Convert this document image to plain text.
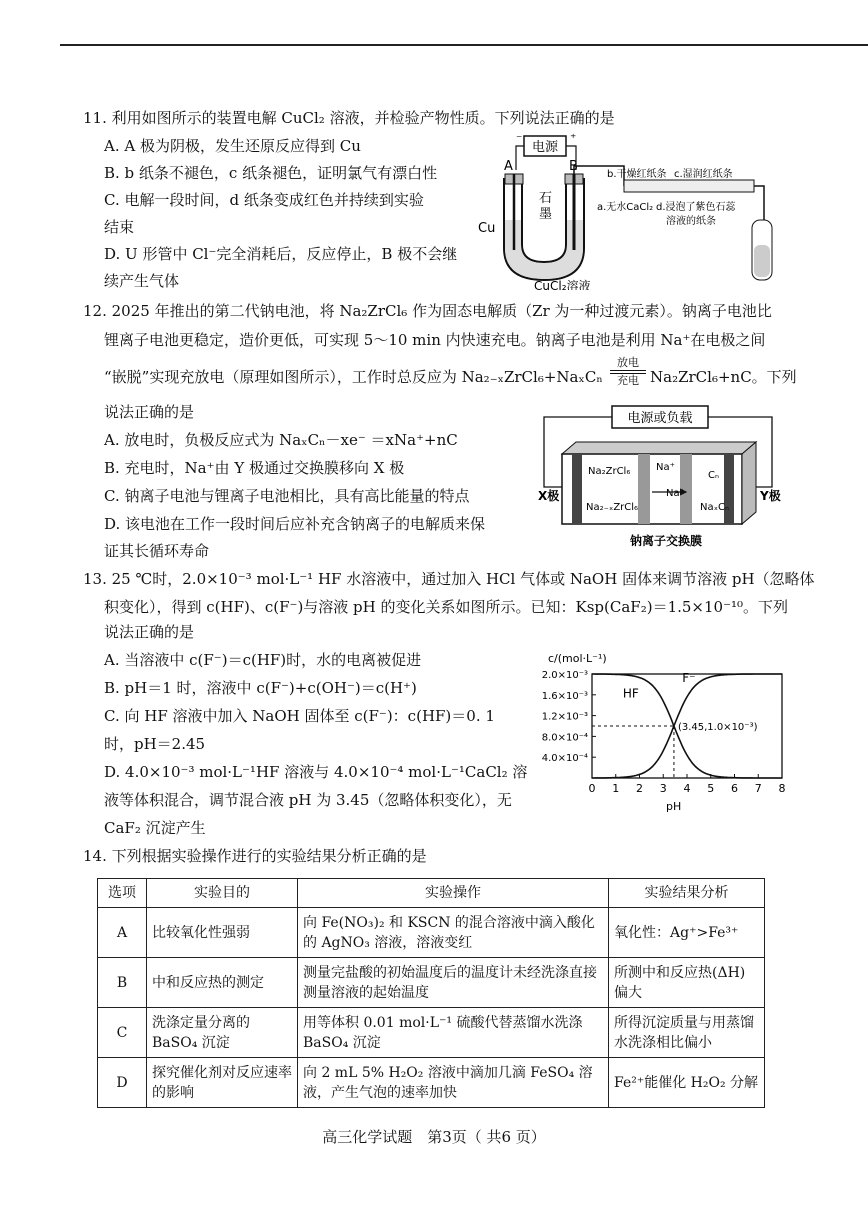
11. 利用如图所示的装置电解 CuCl₂ 溶液，并检验产物性质。下列说法正确的是
A. A 极为阴极，发生还原反应得到 Cu
B. b 纸条不褪色，c 纸条褪色，证明氯气有漂白性
C. 电解一段时间，d 纸条变成红色并持续到实验
结束
D. U 形管中 Cl⁻完全消耗后，反应停止，B 极不会继
续产生气体
电源
A	B
⁻	⁺
Cu
石
墨
CuCl₂溶液
b.干燥红纸条 c.湿润红纸条
a.无水CaCl₂ d.浸泡了紫色石蕊
溶液的纸条
12. 2025 年推出的第二代钠电池，将 Na₂ZrCl₆ 作为固态电解质（Zr 为一种过渡元素）。钠离子电池比
锂离子电池更稳定，造价更低，可实现 5～10 min 内快速充电。钠离子电池是利用 Na⁺在电极之间
“嵌脱”实现充放电（原理如图所示），工作时总反应为 Na₂₋ₓZrCl₆+NaₓCₙ
放电
充电 Na₂ZrCl₆+nC。下列
说法正确的是
A. 放电时，负极反应式为 NaₓCₙ－xe⁻ ＝xNa⁺+nC
B. 充电时，Na⁺由 Y 极通过交换膜移向 X 极
C. 钠离子电池与锂离子电池相比，具有高比能量的特点
D. 该电池在工作一段时间后应补充含钠离子的电解质来保
证其长循环寿命
电源或负载
Na₂ZrCl₆
Na₂₋ₓZrCl₆
Na⁺
Na⁺
Cₙ
NaₓCₙ
X极	Y极
钠离子交换膜
13. 25 ℃时，2.0×10⁻³ mol·L⁻¹ HF 水溶液中，通过加入 HCl 气体或 NaOH 固体来调节溶液 pH（忽略体
积变化），得到 c(HF)、c(F⁻)与溶液 pH 的变化关系如图所示。已知：Ksp(CaF₂)＝1.5×10⁻¹⁰。下列
说法正确的是
A. 当溶液中 c(F⁻)＝c(HF)时，水的电离被促进
B. pH＝1 时，溶液中 c(F⁻)+c(OH⁻)＝c(H⁺)
C. 向 HF 溶液中加入 NaOH 固体至 c(F⁻)：c(HF)＝0. 1
时，pH＝2.45
D. 4.0×10⁻³ mol·L⁻¹HF 溶液与 4.0×10⁻⁴ mol·L⁻¹CaCl₂ 溶
液等体积混合，调节混合液 pH 为 3.45（忽略体积变化），无
CaF₂ 沉淀产生
c/(mol·L⁻¹)
pH
0 1 2 3 4 5 6 7 8
4.0×10⁻⁴
8.0×10⁻⁴
1.2×10⁻³
1.6×10⁻³
2.0×10⁻³
HF
F⁻
(3.45,1.0×10⁻³)
14. 下列根据实验操作进行的实验结果分析正确的是
选项	实验目的	实验操作	实验结果分析
A	比较氧化性强弱	向 Fe(NO₃)₂ 和 KSCN 的混合溶液中滴入酸化的 AgNO₃ 溶液，溶液变红	氧化性：Ag⁺>Fe³⁺
B	中和反应热的测定	测量完盐酸的初始温度后的温度计未经洗涤直接测量溶液的起始温度	所测中和反应热(ΔH)偏大
C	洗涤定量分离的 BaSO₄ 沉淀	用等体积 0.01 mol·L⁻¹ 硫酸代替蒸馏水洗涤 BaSO₄ 沉淀	所得沉淀质量与用蒸馏水洗涤相比偏小
D	探究催化剂对反应速率的影响	向 2 mL 5% H₂O₂ 溶液中滴加几滴 FeSO₄ 溶液，产生气泡的速率加快	Fe²⁺能催化 H₂O₂ 分解
高三化学试题　第3页（ 共6 页）
